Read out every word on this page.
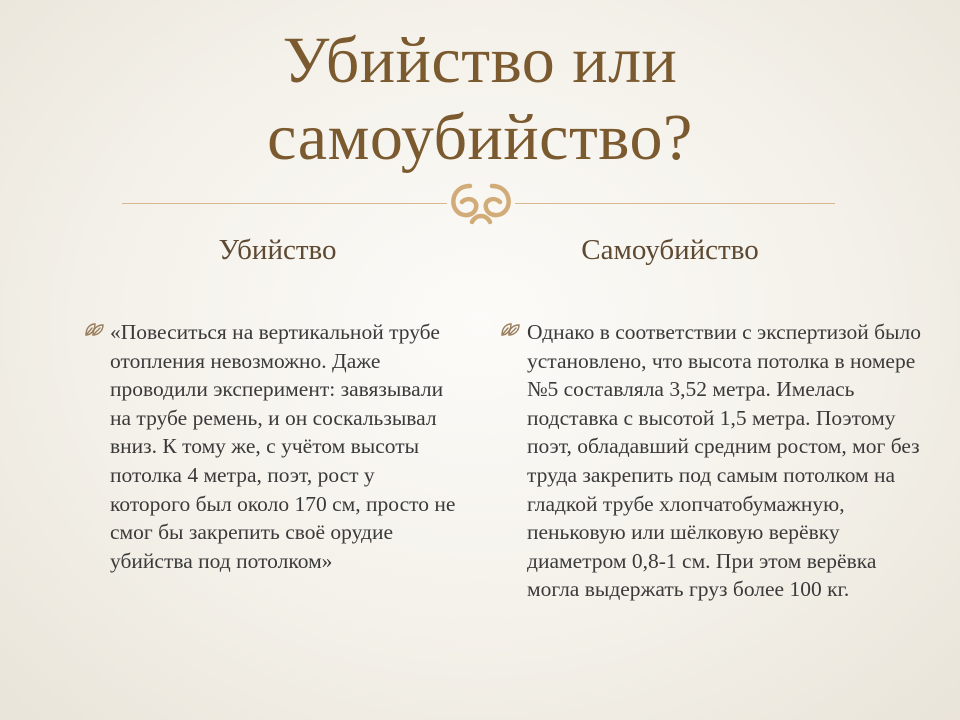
Убийство или
самоубийство?
Убийство	Самоубийство
«Повеситься на вертикальной трубе отопления невозможно. Даже проводили эксперимент: завязывали на трубе ремень, и он соскальзывал вниз. К тому же, с учётом высоты потолка 4 метра, поэт, рост у которого был около 170 см, просто не смог бы закрепить своё орудие убийства под потолком»
Однако в соответствии с экспертизой было установлено, что высота потолка в номере №5 составляла 3,52 метра. Имелась подставка с высотой 1,5 метра. Поэтому поэт, обладавший средним ростом, мог без труда закрепить под самым потолком на гладкой трубе хлопчатобумажную, пеньковую или шёлковую верёвку диаметром 0,8-1 см. При этом верёвка могла выдержать груз более 100 кг.
